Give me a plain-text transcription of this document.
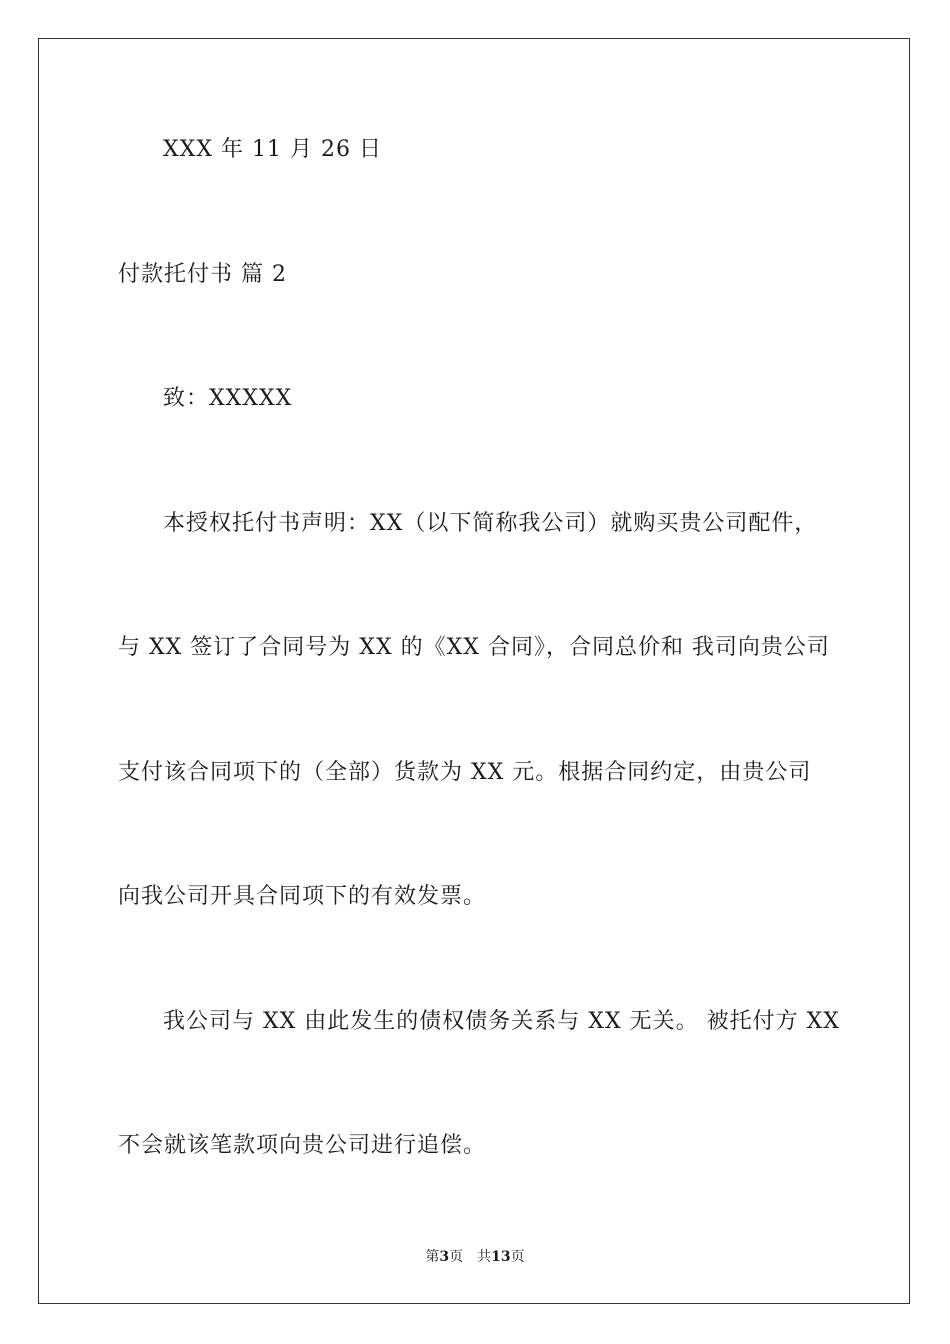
XXX 年 11 月 26 日
付款托付书 篇 2
致：XXXXX
本授权托付书声明：XX（以下简称我公司）就购买贵公司配件，
与 XX 签订了合同号为 XX 的《XX 合同》，合同总价和 我司向贵公司
支付该合同项下的（全部）货款为 XX 元。根据合同约定，由贵公司
向我公司开具合同项下的有效发票。
我公司与 XX 由此发生的债权债务关系与 XX 无关。 被托付方 XX
不会就该笔款项向贵公司进行追偿。
第3页　共13页
